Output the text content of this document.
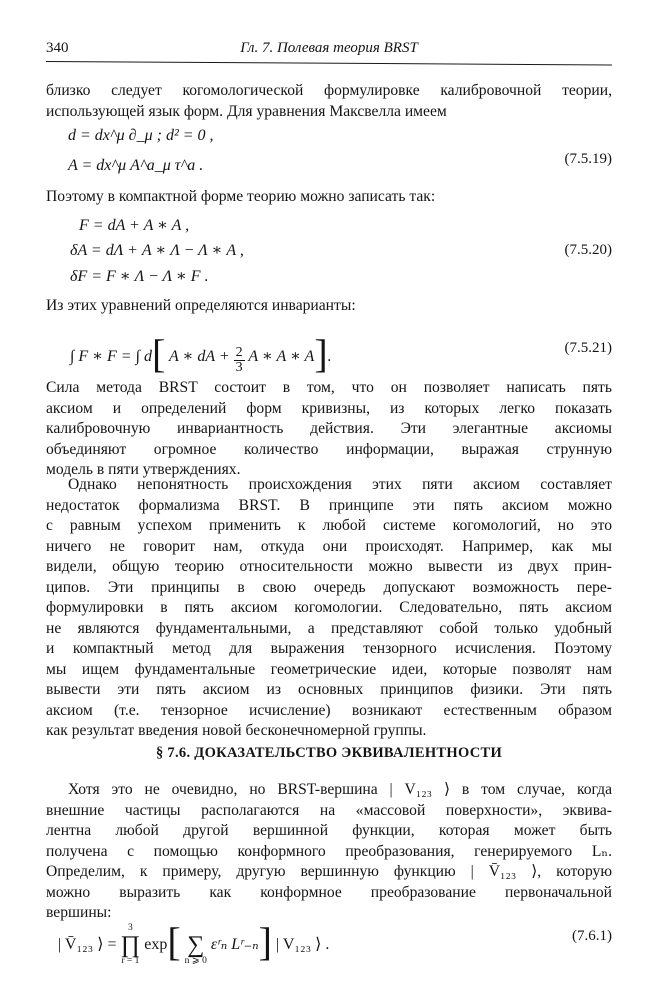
340	Гл. 7. Полевая теория BRST
близко следует когомологической формулировке калибровочной теории,
использующей язык форм. Для уравнения Максвелла имеем
d = dx^μ ∂_μ ; d² = 0 ,
A = dx^μ A^a_μ τ^a .	(7.5.19)
Поэтому в компактной форме теорию можно записать так:
F = dA + A ∗ A ,
δA = dΛ + A ∗ Λ − Λ ∗ A ,
δF = F ∗ Λ − Λ ∗ F .
(7.5.20)
Из этих уравнений определяются инварианты:
∫ F ∗ F = ∫ d[ A ∗ dA + $\frac{2}{3}$ A ∗ A ∗ A].	(7.5.21)
Сила метода BRST состоит в том, что он позволяет написать пять
аксиом и определений форм кривизны, из которых легко показать
калибровочную инвариантность действия. Эти элегантные аксиомы
объединяют огромное количество информации, выражая струнную
модель в пяти утверждениях.
Однако непонятность происхождения этих пяти аксиом составляет
недостаток формализма BRST. В принципе эти пять аксиом можно
с равным успехом применить к любой системе когомологий, но это
ничего не говорит нам, откуда они происходят. Например, как мы
видели, общую теорию относительности можно вывести из двух прин-
ципов. Эти принципы в свою очередь допускают возможность пере-
формулировки в пять аксиом когомологии. Следовательно, пять аксиом
не являются фундаментальными, а представляют собой только удобный
и компактный метод для выражения тензорного исчисления. Поэтому
мы ищем фундаментальные геометрические идеи, которые позволят нам
вывести эти пять аксиом из основных принципов физики. Эти пять
аксиом (т.е. тензорное исчисление) возникают естественным образом
как результат введения новой бесконечномерной группы.
§ 7.6. ДОКАЗАТЕЛЬСТВО ЭКВИВАЛЕНТНОСТИ
Хотя это не очевидно, но BRST-вершина | V₁₂₃ ⟩ в том случае, когда
внешние частицы располагаются на «массовой поверхности», эквива-
лентна любой другой вершинной функции, которая может быть
получена с помощью конформного преобразования, генерируемого Lₙ.
Определим, к примеру, другую вершинную функцию | V̄₁₂₃ ⟩, которую
можно выразить как конформное преобразование первоначальной
вершины:
| V̄₁₂₃ ⟩ =
3
∏
r = 1
exp[ ∑
n ⩾ 0
εʳₙ Lʳ₋ₙ] | V₁₂₃ ⟩ .	(7.6.1)
